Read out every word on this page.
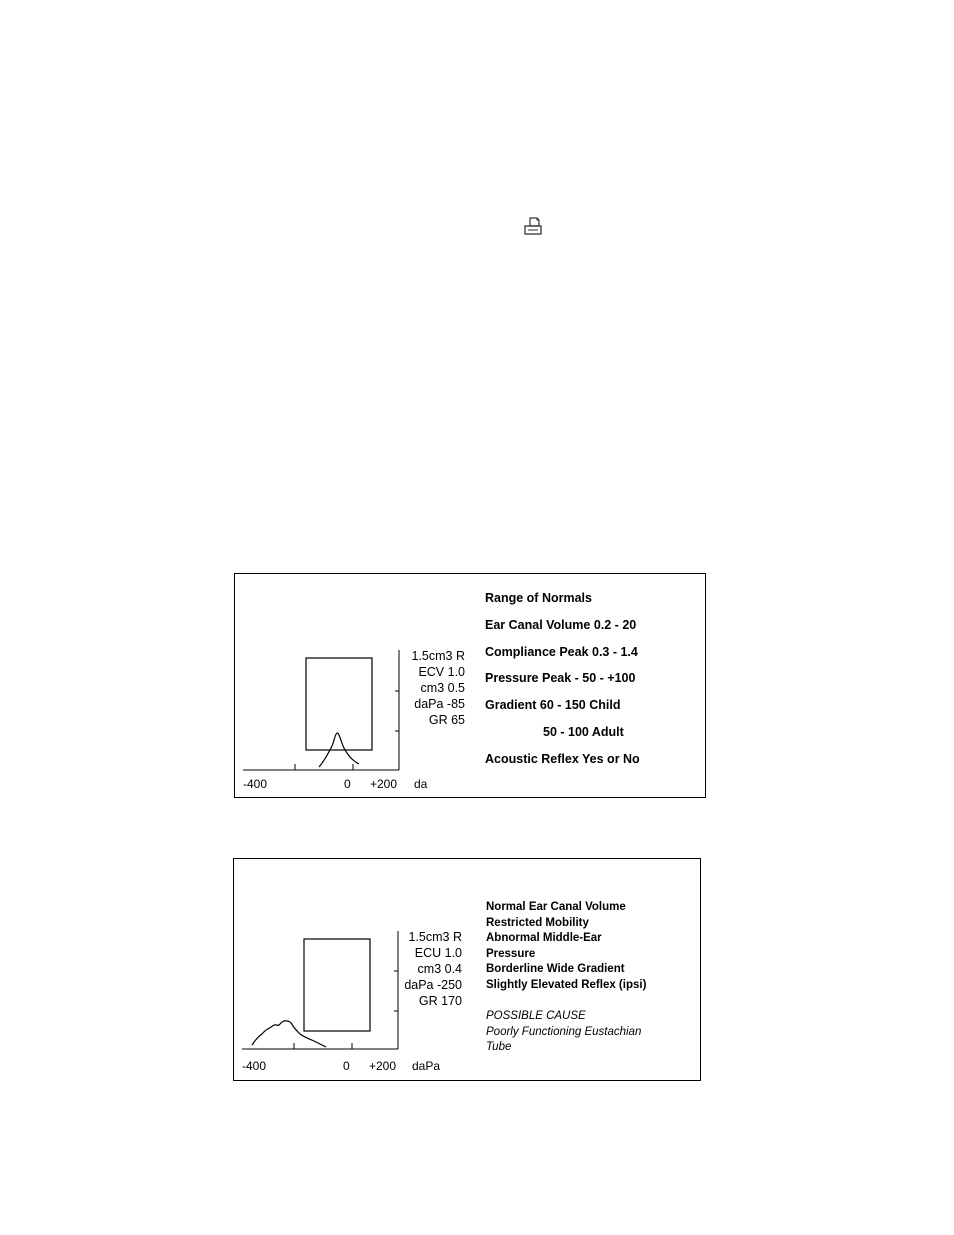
1.5cm3 R
ECV 1.0
cm3 0.5
daPa -85
GR 65
-400	0 +200 da
Range of Normals
Ear Canal Volume 0.2 - 20
Compliance Peak 0.3 - 1.4
Pressure Peak - 50 - +100
Gradient 60 - 150 Child
50 - 100 Adult
Acoustic Reflex Yes or No
1.5cm3 R
ECU 1.0
cm3 0.4
daPa -250
GR 170
-400	0 +200 daPa
Normal Ear Canal Volume
Restricted Mobility
Abnormal Middle-Ear
Pressure
Borderline Wide Gradient
Slightly Elevated Reflex (ipsi)
POSSIBLE CAUSE
Poorly Functioning Eustachian
Tube
